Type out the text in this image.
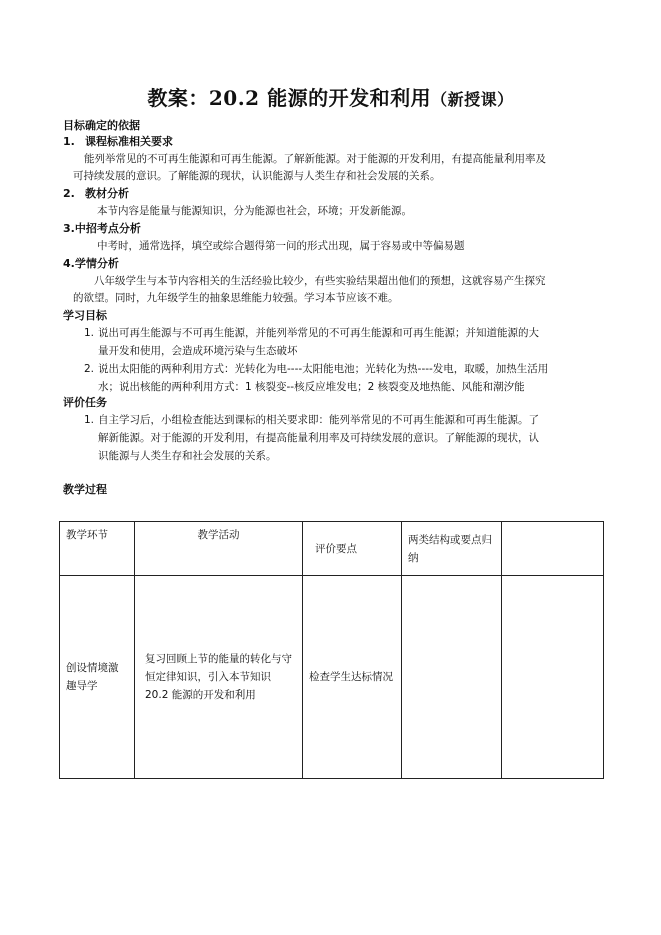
教案：20.2 能源的开发和利用（新授课）
目标确定的依据
1. 课程标准相关要求
能列举常见的不可再生能源和可再生能源。了解新能源。对于能源的开发利用，有提高能量利用率及
可持续发展的意识。了解能源的现状，认识能源与人类生存和社会发展的关系。
2. 教材分析
本节内容是能量与能源知识，分为能源也社会，环境；开发新能源。
3.中招考点分析
中考时，通常选择，填空或综合题得第一问的形式出现，属于容易或中等偏易题
4.学情分析
八年级学生与本节内容相关的生活经验比较少，有些实验结果超出他们的预想，这就容易产生探究
的欲望。同时，九年级学生的抽象思维能力较强。学习本节应该不难。
学习目标
1. 说出可再生能源与不可再生能源，并能列举常见的不可再生能源和可再生能源；并知道能源的大
量开发和使用，会造成环境污染与生态破坏
2. 说出太阳能的两种利用方式：光转化为电----太阳能电池；光转化为热----发电，取暖，加热生活用
水；说出核能的两种利用方式：1 核裂变--核反应堆发电；2 核裂变及地热能、风能和潮汐能
评价任务
1. 自主学习后，小组检查能达到课标的相关要求即：能列举常见的不可再生能源和可再生能源。了
解新能源。对于能源的开发利用，有提高能量利用率及可持续发展的意识。了解能源的现状，认
识能源与人类生存和社会发展的关系。
教学过程
教学环节	教学活动	评价要点	两类结构或要点归纳	

创设情境激趣导学	复习回顾上节的能量的转化与守恒定律知识，引入本节知识 20.2 能源的开发和利用	检查学生达标情况		
